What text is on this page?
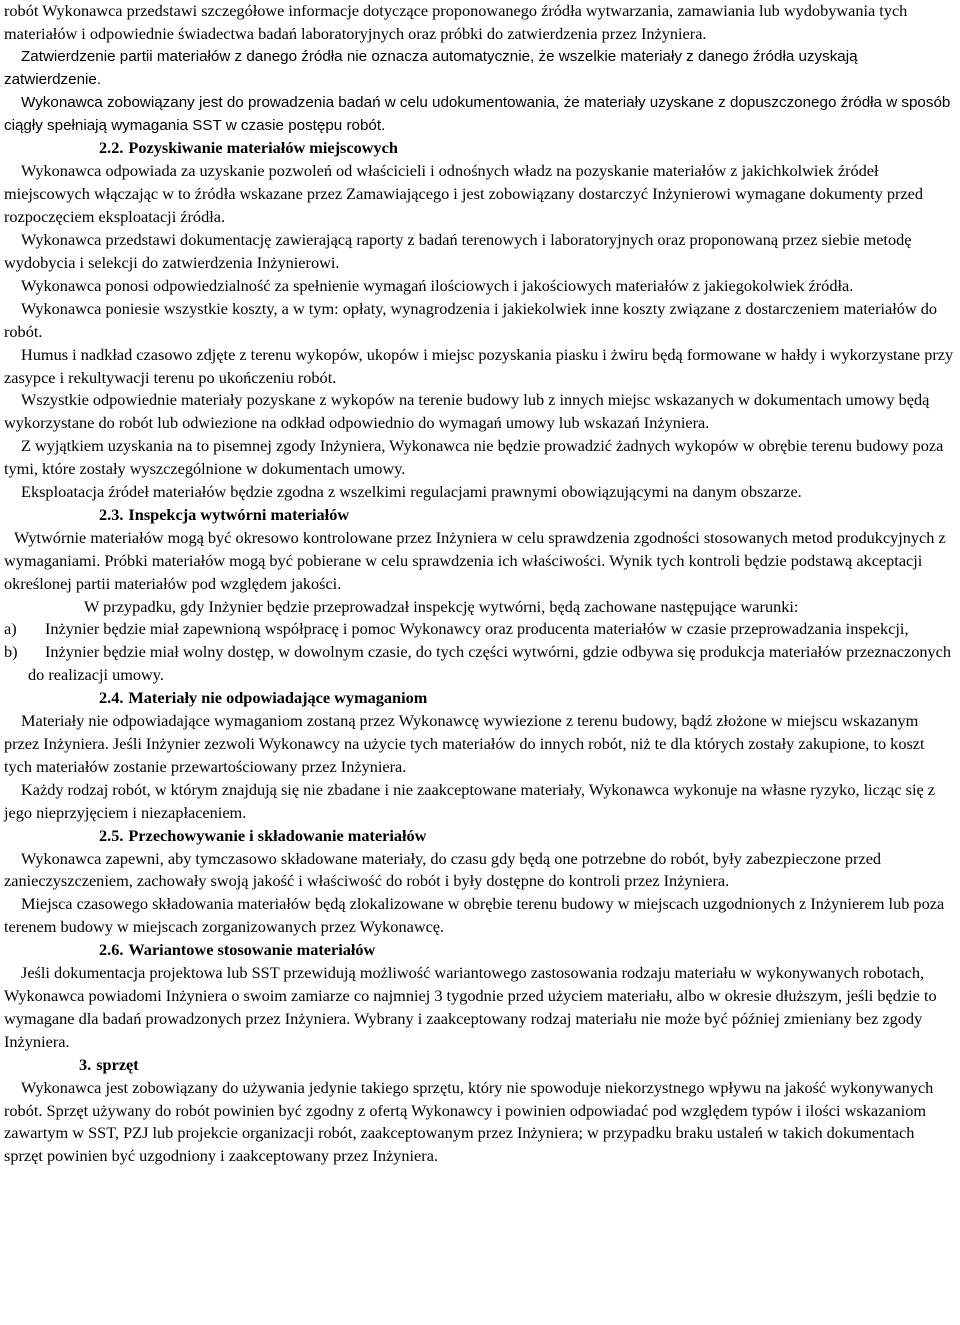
robót Wykonawca przedstawi szczegółowe informacje dotyczące proponowanego źródła wytwarzania, zamawiania lub wydobywania tych materiałów i odpowiednie świadectwa badań laboratoryjnych oraz próbki do zatwierdzenia przez Inżyniera.

Zatwierdzenie partii materiałów z danego źródła nie oznacza automatycznie, że wszelkie materiały z danego źródła uzyskają zatwierdzenie.

Wykonawca zobowiązany jest do prowadzenia badań w celu udokumentowania, że materiały uzyskane z dopuszczonego źródła w sposób ciągły spełniają wymagania SST w czasie postępu robót.

2.2. Pozyskiwanie materiałów miejscowych

Wykonawca odpowiada za uzyskanie pozwoleń od właścicieli i odnośnych władz na pozyskanie materiałów z jakichkolwiek źródeł miejscowych włączając w to źródła wskazane przez Zamawiającego i jest zobowiązany dostarczyć Inżynierowi wymagane dokumenty przed rozpoczęciem eksploatacji źródła.

Wykonawca przedstawi dokumentację zawierającą raporty z badań terenowych i laboratoryjnych oraz proponowaną przez siebie metodę wydobycia i selekcji do zatwierdzenia Inżynierowi.

Wykonawca ponosi odpowiedzialność za spełnienie wymagań ilościowych i jakościowych materiałów z jakiegokolwiek źródła.

Wykonawca poniesie wszystkie koszty, a w tym: opłaty, wynagrodzenia i jakiekolwiek inne koszty związane z dostarczeniem materiałów do robót.

Humus i nadkład czasowo zdjęte z terenu wykopów, ukopów i miejsc pozyskania piasku i żwiru będą formowane w hałdy i wykorzystane przy zasypce i rekultywacji terenu po ukończeniu robót.

Wszystkie odpowiednie materiały pozyskane z wykopów na terenie budowy lub z innych miejsc wskazanych w dokumentach umowy będą wykorzystane do robót lub odwiezione na odkład odpowiednio do wymagań umowy lub wskazań Inżyniera.

Z wyjątkiem uzyskania na to pisemnej zgody Inżyniera, Wykonawca nie będzie prowadzić żadnych wykopów w obrębie terenu budowy poza tymi, które zostały wyszczególnione w dokumentach umowy.

Eksploatacja źródeł materiałów będzie zgodna z wszelkimi regulacjami prawnymi obowiązującymi na danym obszarze.

2.3. Inspekcja wytwórni materiałów

Wytwórnie materiałów mogą być okresowo kontrolowane przez Inżyniera w celu sprawdzenia zgodności stosowanych metod produkcyjnych z wymaganiami. Próbki materiałów mogą być pobierane w celu sprawdzenia ich właściwości. Wynik tych kontroli będzie podstawą akceptacji określonej partii materiałów pod względem jakości.

W przypadku, gdy Inżynier będzie przeprowadzał inspekcję wytwórni, będą zachowane następujące warunki:

a)	Inżynier będzie miał zapewnioną współpracę i pomoc Wykonawcy oraz producenta materiałów w czasie przeprowadzania inspekcji,
b)	Inżynier będzie miał wolny dostęp, w dowolnym czasie, do tych części wytwórni, gdzie odbywa się produkcja materiałów przeznaczonych do realizacji umowy.
2.4. Materiały nie odpowiadające wymaganiom

Materiały nie odpowiadające wymaganiom zostaną przez Wykonawcę wywiezione z terenu budowy, bądź złożone w miejscu wskazanym przez Inżyniera. Jeśli Inżynier zezwoli Wykonawcy na użycie tych materiałów do innych robót, niż te dla których zostały zakupione, to koszt tych materiałów zostanie przewartościowany przez Inżyniera.

Każdy rodzaj robót, w którym znajdują się nie zbadane i nie zaakceptowane materiały, Wykonawca wykonuje na własne ryzyko, licząc się z jego nieprzyjęciem i niezapłaceniem.

2.5. Przechowywanie i składowanie materiałów

Wykonawca zapewni, aby tymczasowo składowane materiały, do czasu gdy będą one potrzebne do robót, były zabezpieczone przed zanieczyszczeniem, zachowały swoją jakość i właściwość do robót i były dostępne do kontroli przez Inżyniera.

Miejsca czasowego składowania materiałów będą zlokalizowane w obrębie terenu budowy w miejscach uzgodnionych z Inżynierem lub poza terenem budowy w miejscach zorganizowanych przez Wykonawcę.

2.6. Wariantowe stosowanie materiałów

Jeśli dokumentacja projektowa lub SST przewidują możliwość wariantowego zastosowania rodzaju materiału w wykonywanych robotach, Wykonawca powiadomi Inżyniera o swoim zamiarze co najmniej 3 tygodnie przed użyciem materiału, albo w okresie dłuższym, jeśli będzie to wymagane dla badań prowadzonych przez Inżyniera. Wybrany i zaakceptowany rodzaj materiału nie może być później zmieniany bez zgody Inżyniera.

3. sprzęt

Wykonawca jest zobowiązany do używania jedynie takiego sprzętu, który nie spowoduje niekorzystnego wpływu na jakość wykonywanych robót. Sprzęt używany do robót powinien być zgodny z ofertą Wykonawcy i powinien odpowiadać pod względem typów i ilości wskazaniom zawartym w SST, PZJ lub projekcie organizacji robót, zaakceptowanym przez Inżyniera; w przypadku braku ustaleń w takich dokumentach sprzęt powinien być uzgodniony i zaakceptowany przez Inżyniera.
